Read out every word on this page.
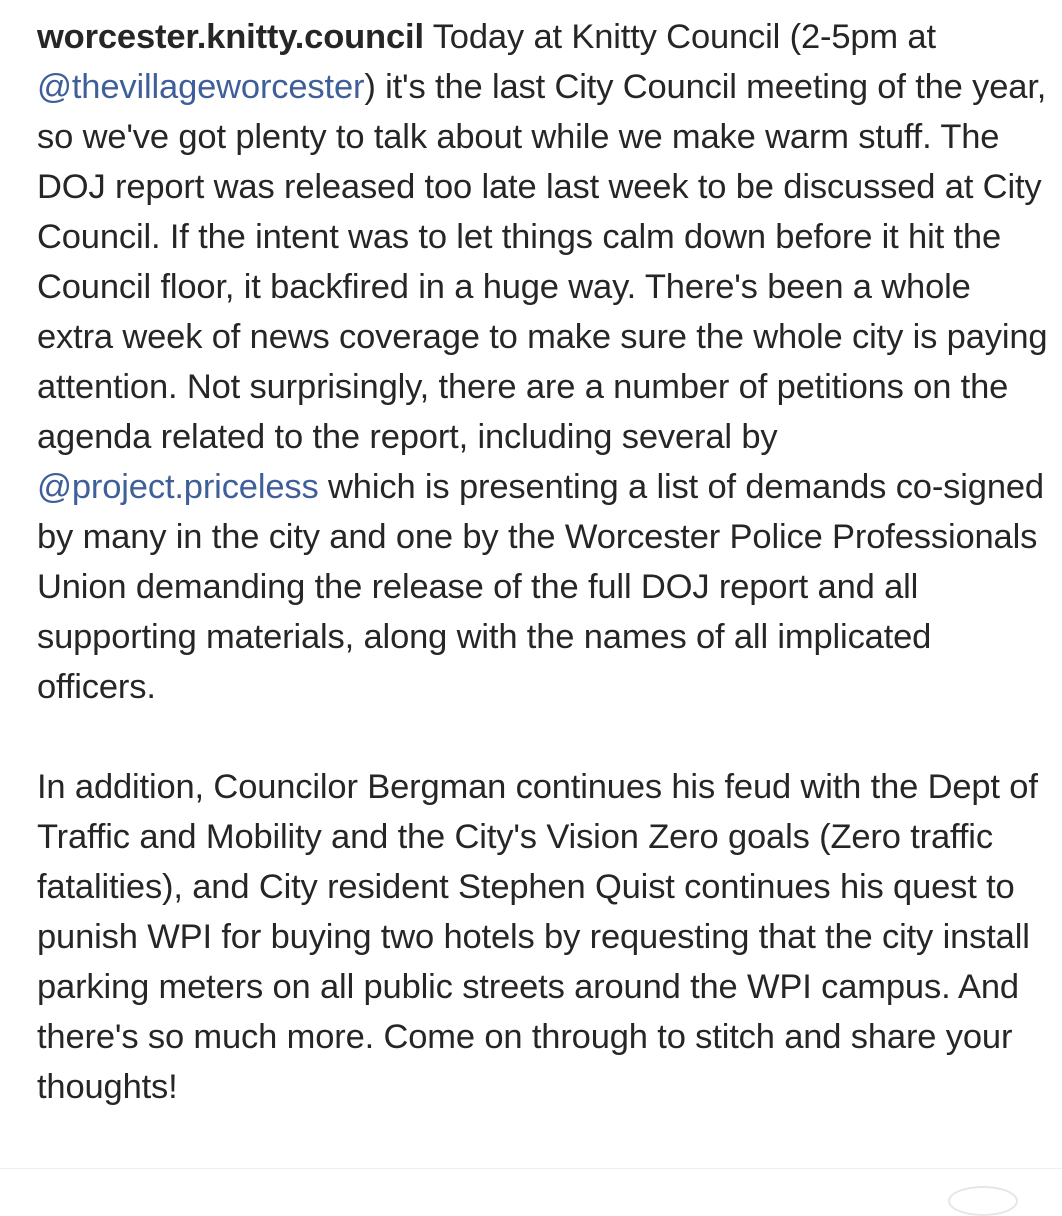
worcester.knitty.council Today at Knitty Council (2-5pm at @thevillageworcester) it's the last City Council meeting of the year, so we've got plenty to talk about while we make warm stuff. The DOJ report was released too late last week to be discussed at City Council. If the intent was to let things calm down before it hit the Council floor, it backfired in a huge way. There's been a whole extra week of news coverage to make sure the whole city is paying attention. Not surprisingly, there are a number of petitions on the agenda related to the report, including several by @project.priceless which is presenting a list of demands co-signed by many in the city and one by the Worcester Police Professionals Union demanding the release of the full DOJ report and all supporting materials, along with the names of all implicated officers.

In addition, Councilor Bergman continues his feud with the Dept of Traffic and Mobility and the City's Vision Zero goals (Zero traffic fatalities), and City resident Stephen Quist continues his quest to punish WPI for buying two hotels by requesting that the city install parking meters on all public streets around the WPI campus. And there's so much more. Come on through to stitch and share your thoughts!
